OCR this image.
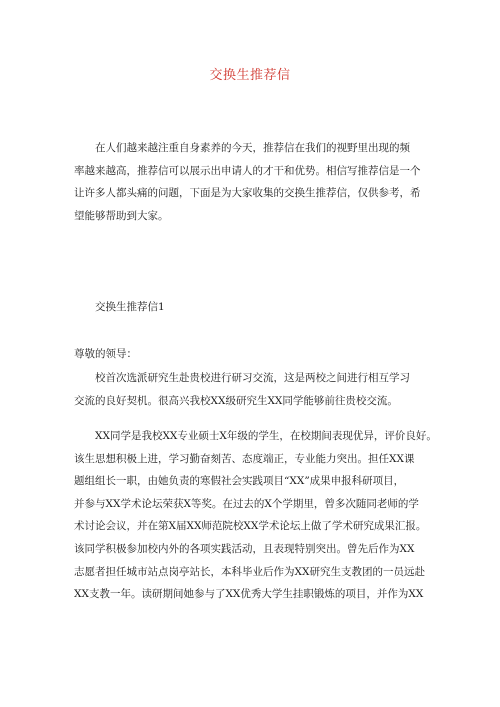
交换生推荐信
在人们越来越注重自身素养的今天，推荐信在我们的视野里出现的频
率越来越高，推荐信可以展示出申请人的才干和优势。相信写推荐信是一个
让许多人都头痛的问题，下面是为大家收集的交换生推荐信，仅供参考，希
望能够帮助到大家。
交换生推荐信1
尊敬的领导：
校首次选派研究生赴贵校进行研习交流，这是两校之间进行相互学习
交流的良好契机。很高兴我校XX级研究生XX同学能够前往贵校交流。
XX同学是我校XX专业硕士X年级的学生，在校期间表现优异，评价良好。
该生思想积极上进，学习勤奋刻苦、态度端正，专业能力突出。担任XX课
题组组长一职，由她负责的寒假社会实践项目“XX”成果申报科研项目，
并参与XX学术论坛荣获X等奖。在过去的X个学期里，曾多次随同老师的学
术讨论会议，并在第X届XX师范院校XX学术论坛上做了学术研究成果汇报。
该同学积极参加校内外的各项实践活动，且表现特别突出。曾先后作为XX
志愿者担任城市站点岗亭站长，本科毕业后作为XX研究生支教团的一员远赴
XX支教一年。读研期间她参与了XX优秀大学生挂职锻炼的项目，并作为XX
